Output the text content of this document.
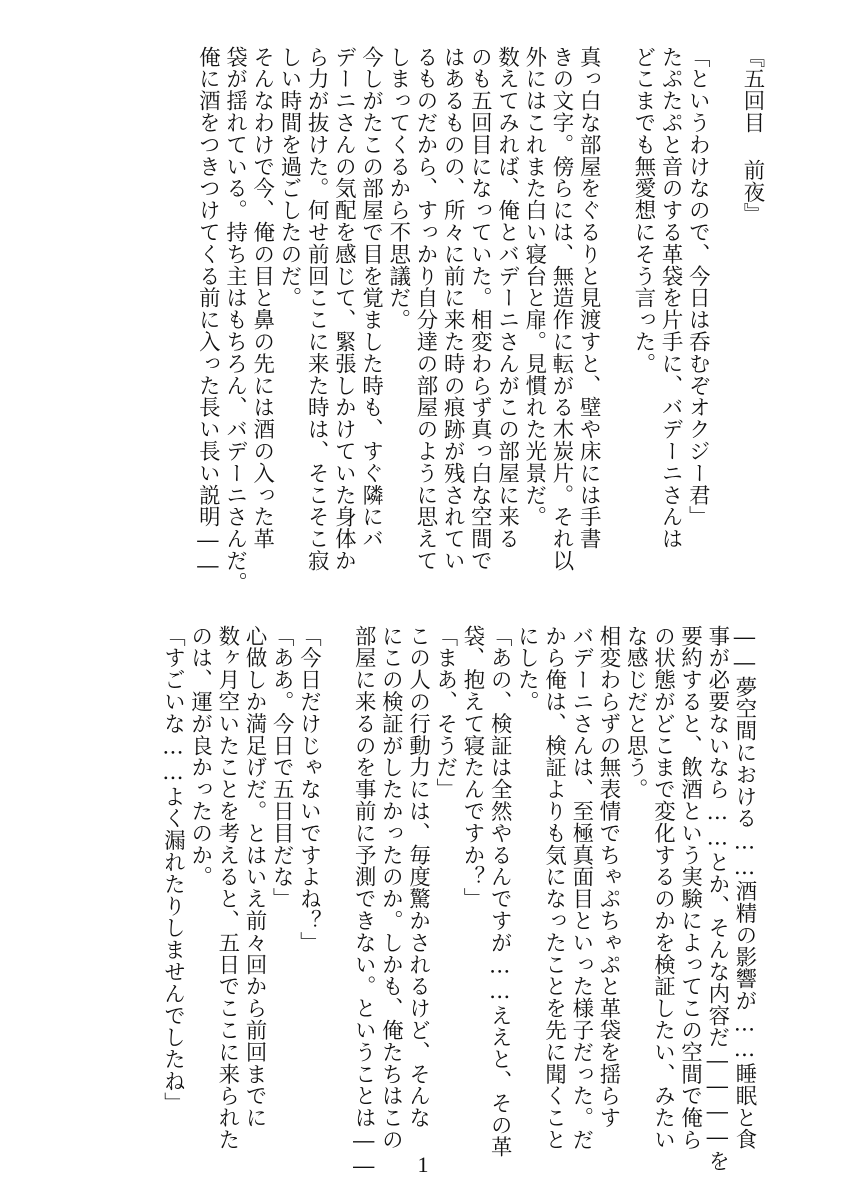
『五回目 前夜』
「というわけなので、今日は呑むぞオクジー君」
たぷたぷと音のする革袋を片手に、バデーニさんは
どこまでも無愛想にそう言った。
真っ白な部屋をぐるりと見渡すと、壁や床には手書
きの文字。傍らには、無造作に転がる木炭片。それ以
外にはこれまた白い寝台と扉。見慣れた光景だ。
数えてみれば、俺とバデーニさんがこの部屋に来る
のも五回目になっていた。相変わらず真っ白な空間で
はあるものの、所々に前に来た時の痕跡が残されてい
るものだから、すっかり自分達の部屋のように思えて
しまってくるから不思議だ。
今しがたこの部屋で目を覚ました時も、すぐ隣にバ
デーニさんの気配を感じて、緊張しかけていた身体か
ら力が抜けた。何せ前回ここに来た時は、そこそこ寂
しい時間を過ごしたのだ。
そんなわけで今、俺の目と鼻の先には酒の入った革
袋が揺れている。持ち主はもちろん、バデーニさんだ。
俺に酒をつきつけてくる前に入った長い長い説明――
――夢空間における……酒精の影響が……睡眠と食
事が必要ないなら……とか、そんな内容だ――――を
要約すると、飲酒という実験によってこの空間で俺ら
の状態がどこまで変化するのかを検証したい、みたい
な感じだと思う。
相変わらずの無表情でちゃぷちゃぷと革袋を揺らす
バデーニさんは、至極真面目といった様子だった。だ
から俺は、検証よりも気になったことを先に聞くこと
にした。
「あの、検証は全然やるんですが……ええと、その革
袋、抱えて寝たんですか？」
「まあ、そうだ」
この人の行動力には、毎度驚かされるけど、そんな
にこの検証がしたかったのか。しかも、俺たちはこの
部屋に来るのを事前に予測できない。ということは――
「今日だけじゃないですよね？」
「ああ。今日で五日目だな」
心做しか満足げだ。とはいえ前々回から前回までに
数ヶ月空いたことを考えると、五日でここに来られた
のは、運が良かったのか。
「すごいな……よく漏れたりしませんでしたね」
1
